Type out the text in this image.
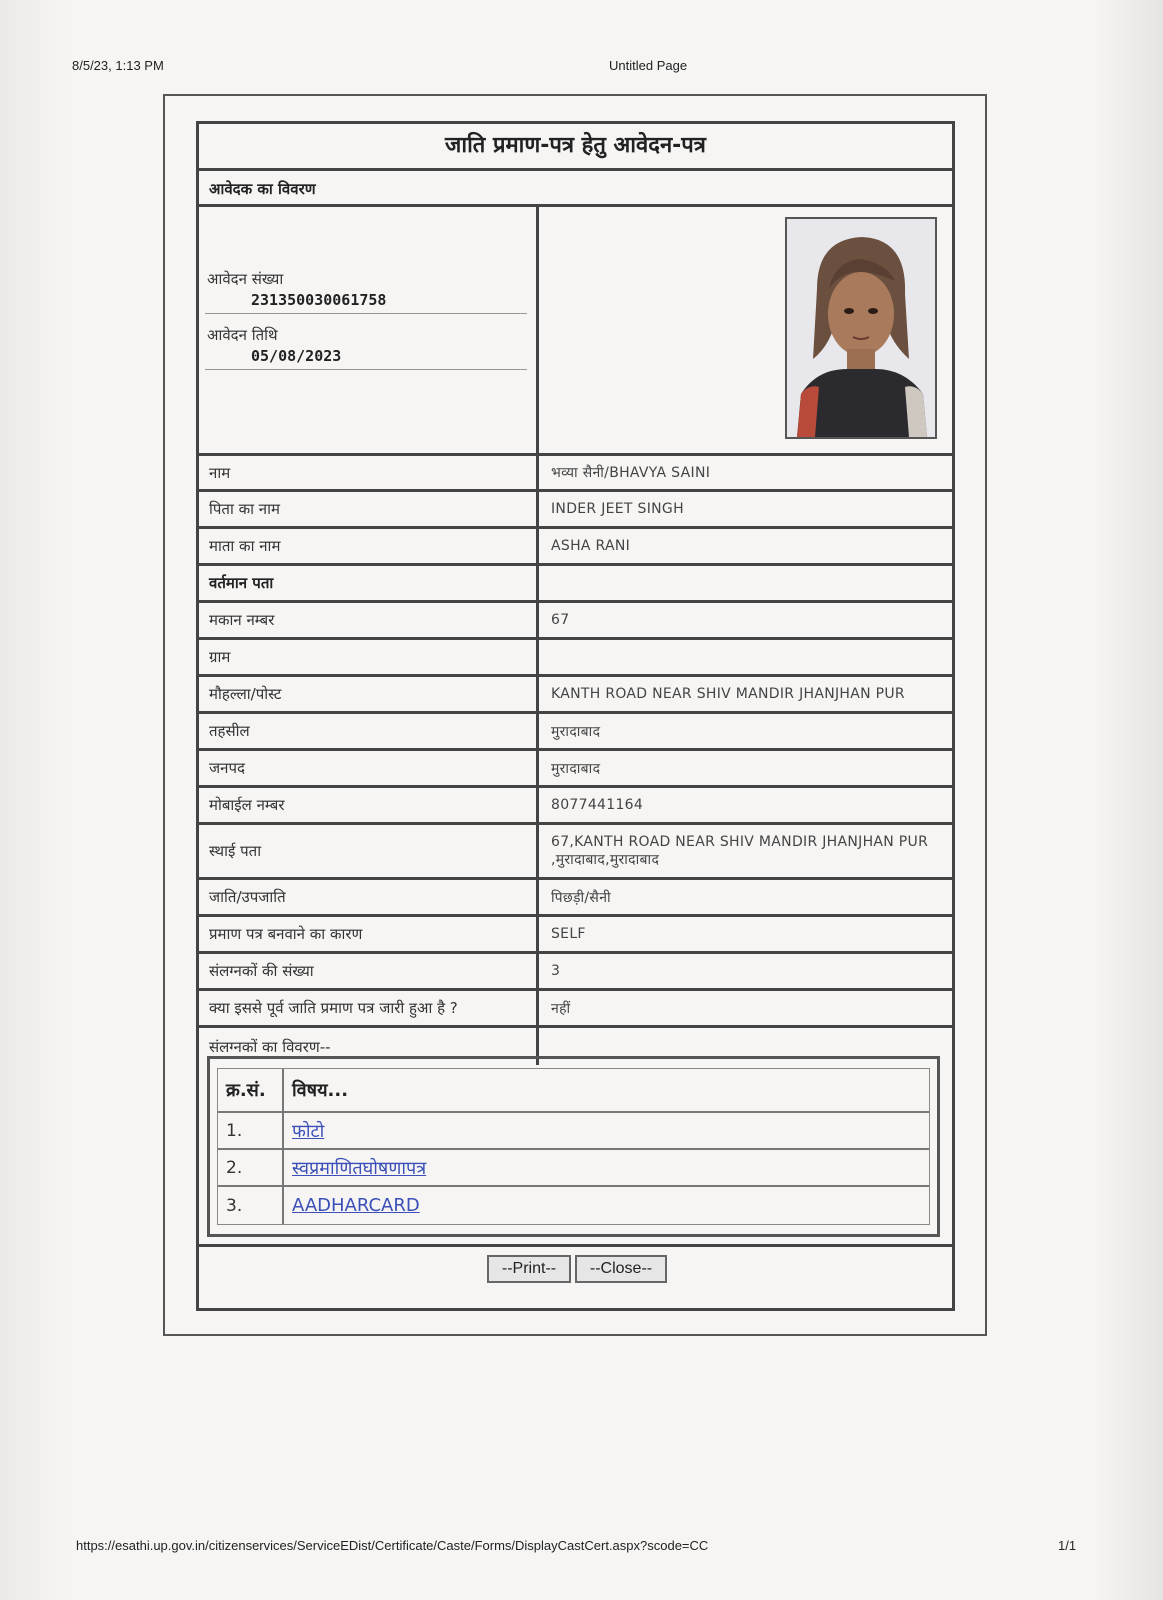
8/5/23, 1:13 PM	Untitled Page
जाति प्रमाण-पत्र हेतु आवेदन-पत्र
आवेदक का विवरण
आवेदन संख्या
231350030061758
आवेदन तिथि
05/08/2023
नाम	भव्या सैनी/BHAVYA SAINI
पिता का नाम	INDER JEET SINGH
माता का नाम	ASHA RANI
वर्तमान पता
मकान नम्बर	67
ग्राम
मौहल्ला/पोस्ट	KANTH ROAD NEAR SHIV MANDIR JHANJHAN PUR
तहसील	मुरादाबाद
जनपद	मुरादाबाद
मोबाईल नम्बर	8077441164
स्थाई पता	67,KANTH ROAD NEAR SHIV MANDIR JHANJHAN PUR ,मुरादाबाद,मुरादाबाद
जाति/उपजाति	पिछड़ी/सैनी
प्रमाण पत्र बनवाने का कारण	SELF
संलग्नकों की संख्या	3
क्या इससे पूर्व जाति प्रमाण पत्र जारी हुआ है ?	नहीं
संलग्नकों का विवरण--
क्र.सं.	विषय...
1.	फोटो
2.	स्वप्रमाणितघोषणापत्र
3.	AADHARCARD
--Print--	--Close--
https://esathi.up.gov.in/citizenservices/ServiceEDist/Certificate/Caste/Forms/DisplayCastCert.aspx?scode=CC	1/1
